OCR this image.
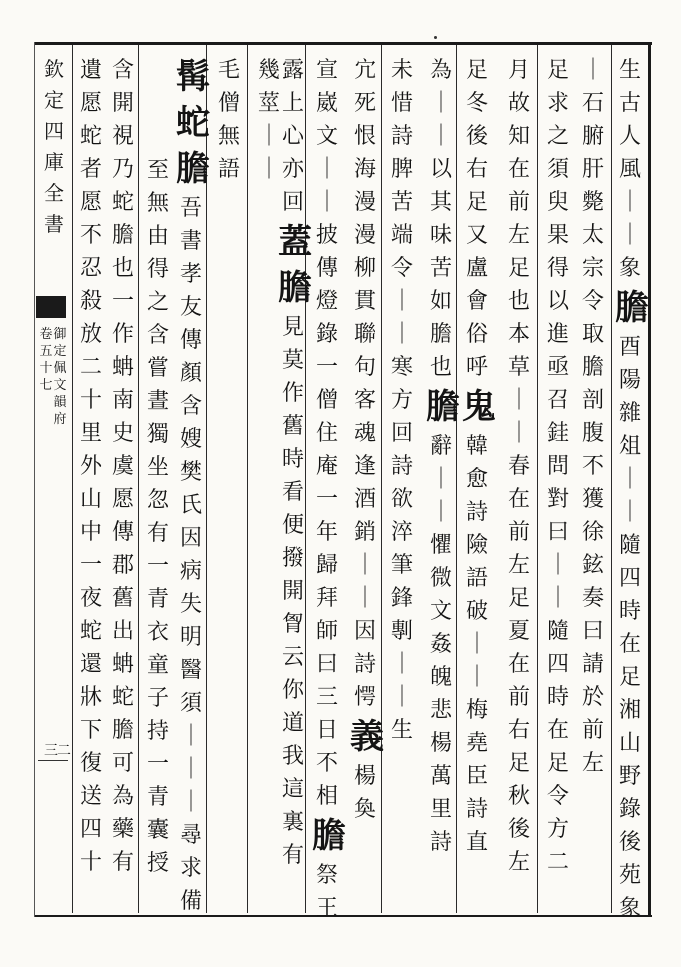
欽
定
四
庫
全
書
御
定
佩
文
韻
府
卷
五
十
七
三二
生
古
人
風
｜
｜
象
膽
酉
陽
雜
俎
｜
｜
隨
四
時
在
足
湘
山
野
錄
後
苑
象
｜
石
腑
肝
斃
太
宗
令
取
膽
剖
腹
不
獲
徐
鉉
奏
曰
請
於
前
左
足
求
之
須
臾
果
得
以
進
亟
召
銈
問
對
曰
｜
｜
隨
四
時
在
足
令
方
二
月
故
知
在
前
左
足
也
本
草
｜
｜
春
在
前
左
足
夏
在
前
右
足
秋
後
左
足
冬
後
右
足
又
盧
會
俗
呼
鬼
韓
愈
詩
險
語
破
｜
｜
梅
堯
臣
詩
直
為
｜
｜
以
其
味
苦
如
膽
也
膽
辭
｜
｜
懼
微
文
姦
魄
悲
楊
萬
里
詩
未
惜
詩
脾
苦
端
令
｜
｜
寒
方
回
詩
欲
淬
筆
鋒
剸
｜
｜
生
宂
死
恨
海
漫
漫
柳
貫
聯
句
客
魂
逢
酒
銷
｜
｜
因
詩
愕
義
楊
奐
宣
崴
文
｜
｜
披
傳
燈
錄
一
僧
住
庵
一
年
歸
拜
師
曰
三
日
不
相
膽
祭
王
露
上
心
亦
回
蓋
膽
見
莫
作
舊
時
看
便
撥
開
胷
云
你
道
我
這
裏
有
幾
莖
｜
｜
毛
僧
無
語
髯
蛇
膽
吾
書
孝
友
傳
顏
含
嫂
樊
氏
因
病
失
明
醫
須
｜
｜
｜
尋
求
備
至
無
由
得
之
含
嘗
晝
獨
坐
忽
有
一
青
衣
童
子
持
一
青
囊
授
含
開
視
乃
蛇
膽
也
一
作
蚺
南
史
虞
愿
傳
郡
舊
出
蚺
蛇
膽
可
為
藥
有
遺
愿
蛇
者
愿
不
忍
殺
放
二
十
里
外
山
中
一
夜
蛇
還
牀
下
復
送
四
十
